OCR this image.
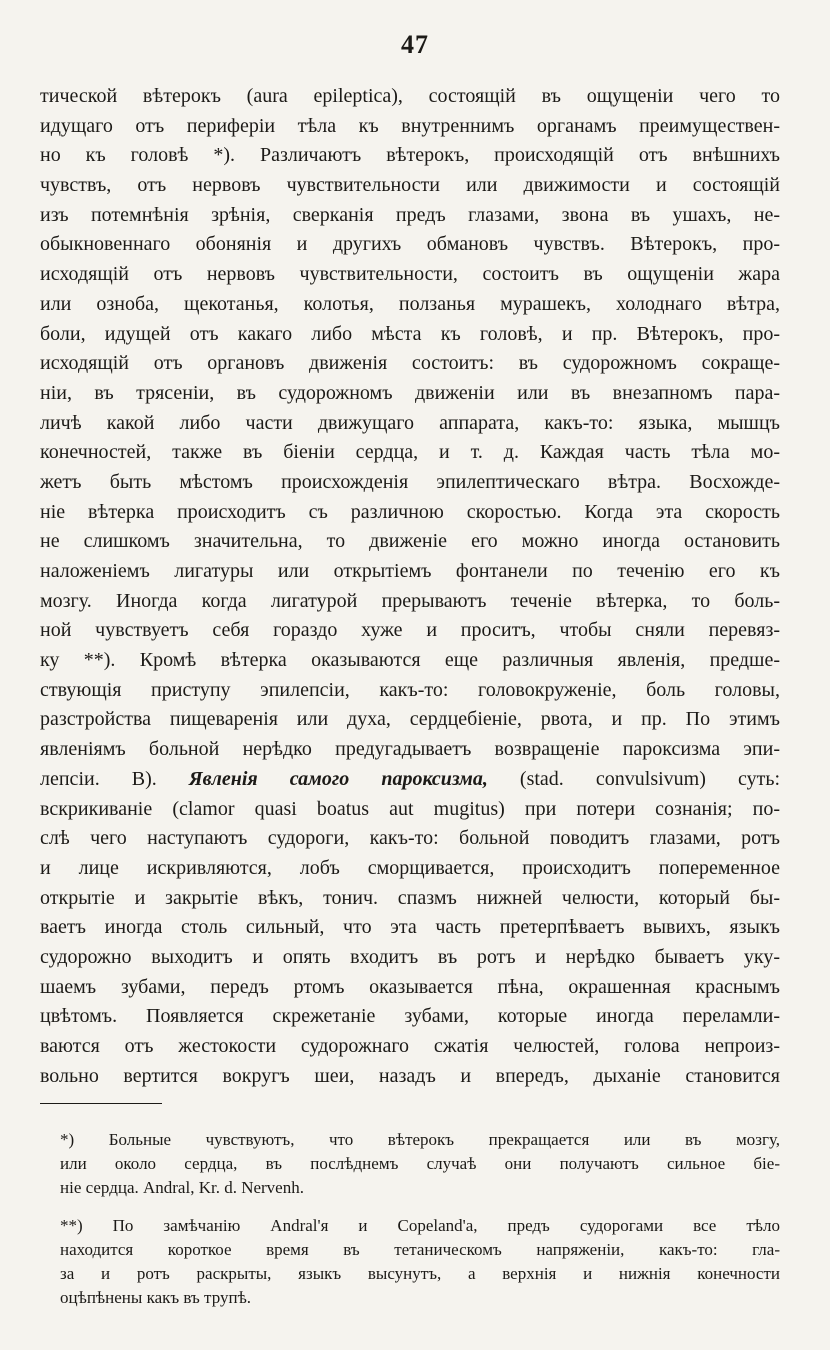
47
тической вѣтерокъ (aura epileptica), состоящій въ ощущеніи чего то
идущаго отъ периферіи тѣла къ внутреннимъ органамъ преимуществен-
но къ головѣ *). Различаютъ вѣтерокъ, происходящій отъ внѣшнихъ
чувствъ, отъ нервовъ чувствительности или движимости и состоящій
изъ потемнѣнія зрѣнія, сверканія предъ глазами, звона въ ушахъ, не-
обыкновеннаго обонянія и другихъ обмановъ чувствъ. Вѣтерокъ, про-
исходящій отъ нервовъ чувствительности, состоитъ въ ощущеніи жара
или озноба, щекотанья, колотья, ползанья мурашекъ, холоднаго вѣтра,
боли, идущей отъ какаго либо мѣста къ головѣ, и пр. Вѣтерокъ, про-
исходящій отъ органовъ движенія состоитъ: въ судорожномъ сокраще-
ніи, въ трясеніи, въ судорожномъ движеніи или въ внезапномъ пара-
личѣ какой либо части движущаго аппарата, какъ-то: языка, мышцъ
конечностей, также въ біеніи сердца, и т. д. Каждая часть тѣла мо-
жетъ быть мѣстомъ происхожденія эпилептическаго вѣтра. Восхожде-
ніе вѣтерка происходитъ съ различною скоростью. Когда эта скорость
не слишкомъ значительна, то движеніе его можно иногда остановить
наложеніемъ лигатуры или открытіемъ фонтанели по теченію его къ
мозгу. Иногда когда лигатурой прерываютъ теченіе вѣтерка, то боль-
ной чувствуетъ себя гораздо хуже и проситъ, чтобы сняли перевяз-
ку **). Кромѣ вѣтерка оказываются еще различныя явленія, предше-
ствующія приступу эпилепсіи, какъ-то: головокруженіе, боль головы,
разстройства пищеваренія или духа, сердцебіеніе, рвота, и пр. По этимъ
явленіямъ больной нерѣдко предугадываетъ возвращеніе пароксизма эпи-
лепсіи. B). Явленія самого пароксизма, (stad. convulsivum) суть:
вскрикиваніе (clamor quasi boatus aut mugitus) при потери сознанія; по-
слѣ чего наступаютъ судороги, какъ-то: больной поводитъ глазами, ротъ
и лице искривляются, лобъ сморщивается, происходитъ попеременное
открытіе и закрытіе вѣкъ, тонич. спазмъ нижней челюсти, который бы-
ваетъ иногда столь сильный, что эта часть претерпѣваетъ вывихъ, языкъ
судорожно выходитъ и опять входитъ въ ротъ и нерѣдко бываетъ уку-
шаемъ зубами, передъ ртомъ оказывается пѣна, окрашенная краснымъ
цвѣтомъ. Появляется скрежетаніе зубами, которые иногда переламли-
ваются отъ жестокости судорожнаго сжатія челюстей, голова непроиз-
вольно вертится вокругъ шеи, назадъ и впередъ, дыханіе становится
*) Больные чувствуютъ, что вѣтерокъ прекращается или въ мозгу,
или около сердца, въ послѣднемъ случаѣ они получаютъ сильное біе-
ніе сердца. Andral, Kr. d. Nervenh.
**) По замѣчанію Andral'я и Copeland'а, предъ судорогами все тѣло
находится короткое время въ тетаническомъ напряженіи, какъ-то: гла-
за и ротъ раскрыты, языкъ высунутъ, а верхнія и нижнія конечности
оцѣпѣнены какъ въ трупѣ.
